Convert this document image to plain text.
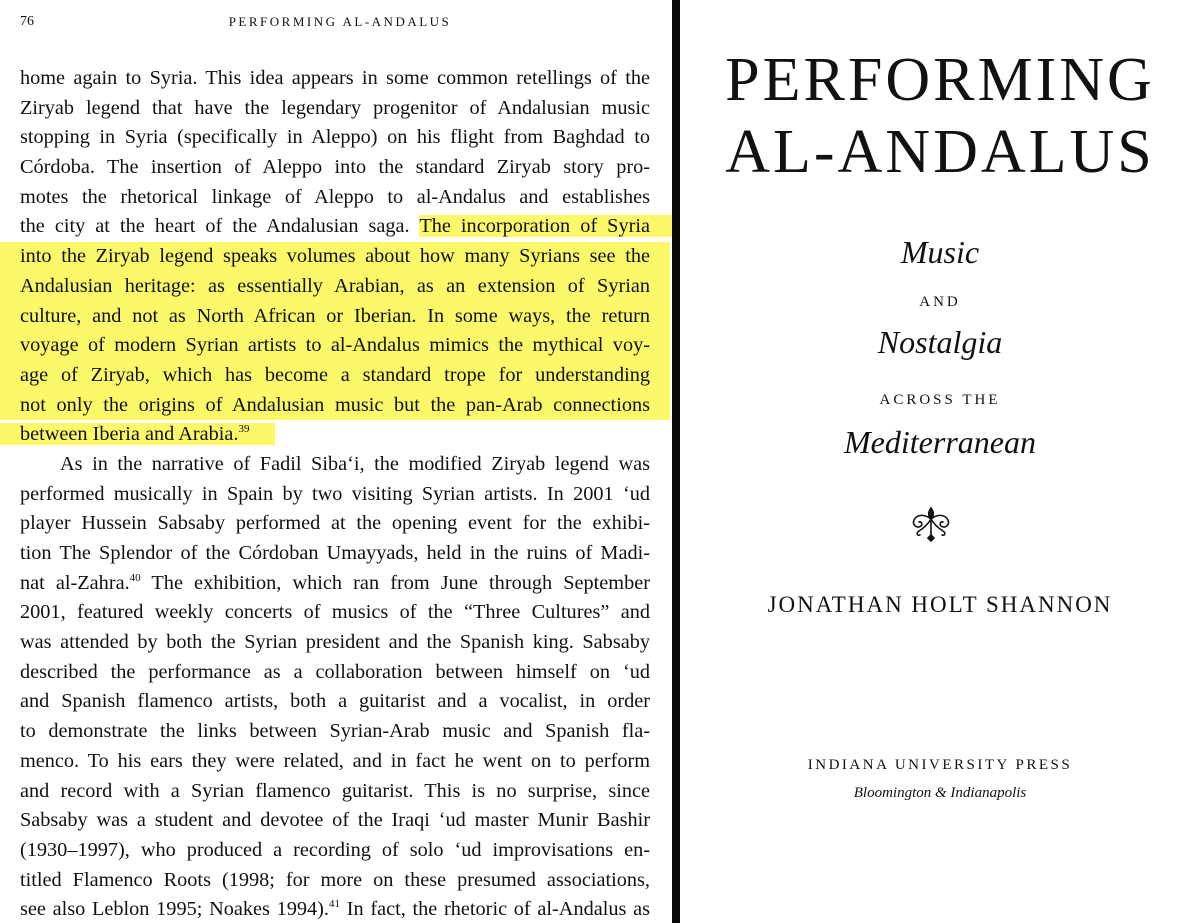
76	PERFORMING AL-ANDALUS
home again to Syria. This idea appears in some common retellings of the
Ziryab legend that have the legendary progenitor of Andalusian music
stopping in Syria (specifically in Aleppo) on his flight from Baghdad to
Córdoba. The insertion of Aleppo into the standard Ziryab story pro-
motes the rhetorical linkage of Aleppo to al-Andalus and establishes
the city at the heart of the Andalusian saga. The incorporation of Syria
into the Ziryab legend speaks volumes about how many Syrians see the
Andalusian heritage: as essentially Arabian, as an extension of Syrian
culture, and not as North African or Iberian. In some ways, the return
voyage of modern Syrian artists to al-Andalus mimics the mythical voy-
age of Ziryab, which has become a standard trope for understanding
not only the origins of Andalusian music but the pan-Arab connections
between Iberia and Arabia.$^{39}$
As in the narrative of Fadil Siba‘i, the modified Ziryab legend was
performed musically in Spain by two visiting Syrian artists. In 2001 ‘ud
player Hussein Sabsaby performed at the opening event for the exhibi-
tion The Splendor of the Córdoban Umayyads, held in the ruins of Madi-
nat al-Zahra.$^{40}$ The exhibition, which ran from June through September
2001, featured weekly concerts of musics of the “Three Cultures” and
was attended by both the Syrian president and the Spanish king. Sabsaby
described the performance as a collaboration between himself on ‘ud
and Spanish flamenco artists, both a guitarist and a vocalist, in order
to demonstrate the links between Syrian-Arab music and Spanish fla-
menco. To his ears they were related, and in fact he went on to perform
and record with a Syrian flamenco guitarist. This is no surprise, since
Sabsaby was a student and devotee of the Iraqi ‘ud master Munir Bashir
(1930–1997), who produced a recording of solo ‘ud improvisations en-
titled Flamenco Roots (1998; for more on these presumed associations,
see also Leblon 1995; Noakes 1994).$^{41}$ In fact, the rhetoric of al-Andalus as
PERFORMING
AL-ANDALUS
Music
AND
Nostalgia
ACROSS THE
Mediterranean
JONATHAN HOLT SHANNON
INDIANA UNIVERSITY PRESS
Bloomington & Indianapolis
